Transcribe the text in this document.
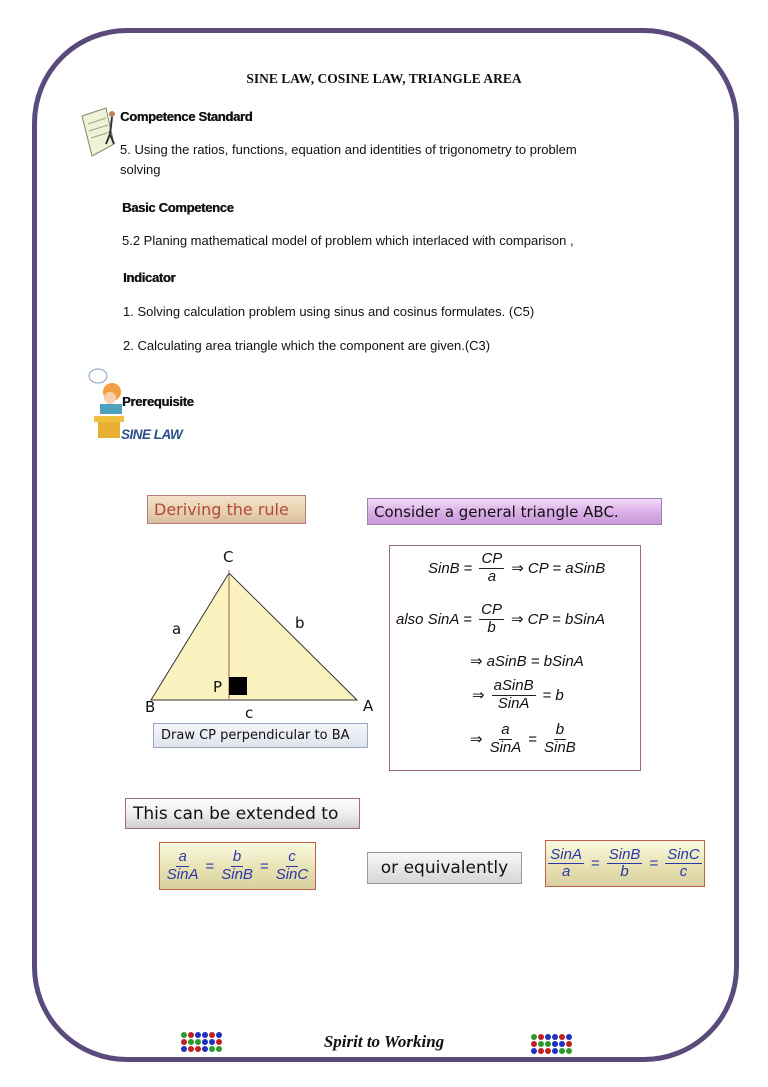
SINE LAW, COSINE LAW, TRIANGLE AREA
Competence Standard
5. Using the ratios, functions, equation and identities of trigonometry to problem
solving
Basic Competence
5.2 Planing mathematical model of problem which interlaced with comparison ,
Indicator
1. Solving calculation problem using sinus and cosinus formulates. (C5)
2. Calculating area triangle which the component are given.(C3)
Prerequisite
SINE LAW
Deriving the rule	Consider a general triangle ABC.
C
a	b
P
B	A
c
Draw CP perpendicular to BA
SinB = $\frac{CP}{a}$ ⇒ CP = aSinB
also SinA = $\frac{CP}{b}$ ⇒ CP = bSinA
⇒ aSinB = bSinA
⇒ $\frac{\text{aSinB}}{\text{SinA}} = b$
⇒ $\frac{a}{\text{SinA}} = \frac{b}{\text{SinB}}$
This can be extended to
$\frac{a}{\text{SinA}} = \frac{b}{\text{SinB}} = \frac{c}{\text{SinC}}$	or equivalently	$\frac{\text{SinA}}{a} = \frac{\text{SinB}}{b} = \frac{\text{SinC}}{c}$
Spirit to Working
